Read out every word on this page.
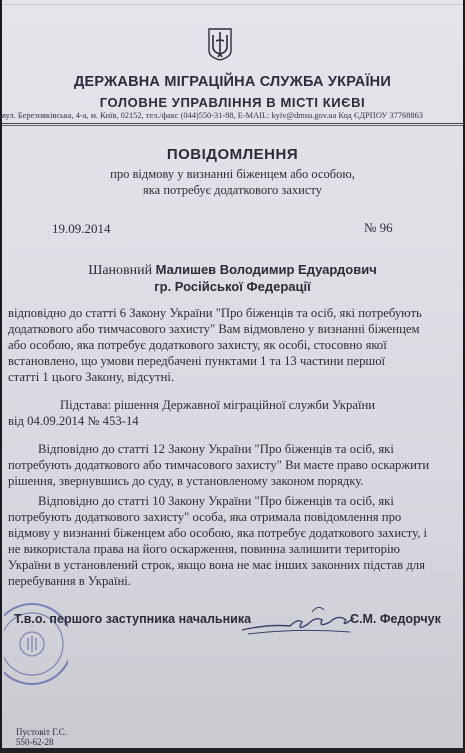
ДЕРЖАВНА МІГРАЦІЙНА СЛУЖБА УКРАЇНИ
ГОЛОВНЕ УПРАВЛІННЯ В МІСТІ КИЄВІ
вул. Березняківська, 4-а, м. Київ, 02152, тел./факс (044)550-31-88, E-MAIL: kyiv@dmsu.gov.ua Код ЄДРПОУ 37768863
ПОВІДОМЛЕННЯ
про відмову у визнанні біженцем або особою,
яка потребує додаткового захисту
19.09.2014	№ 96
Шановний Малишев Володимир Едуардович
гр. Російської Федерації
відповідно до статті 6 Закону України "Про біженців та осіб, які потребують
додаткового або тимчасового захисту" Вам відмовлено у визнанні біженцем
або особою, яка потребує додаткового захисту, як особі, стосовно якої
встановлено, що умови передбачені пунктами 1 та 13 частини першої
статті 1 цього Закону, відсутні.
Підстава: рішення Державної міграційної служби України
від 04.09.2014 № 453-14
Відповідно до статті 12 Закону України "Про біженців та осіб, які
потребують додаткового або тимчасового захисту" Ви маєте право оскаржити
рішення, звернувшись до суду, в установленому законом порядку.
Відповідно до статті 10 Закону України "Про біженців та осіб, які
потребують додаткового захисту" особа, яка отримала повідомлення про
відмову у визнанні біженцем або особою, яка потребує додаткового захисту, і
не використала права на його оскарження, повинна залишити територію
України в установлений строк, якщо вона не має інших законних підстав для
перебування в Україні.
Т.в.о. першого заступника начальника	С.М. Федорчук
Пустовіт Г.С.
550-62-28
